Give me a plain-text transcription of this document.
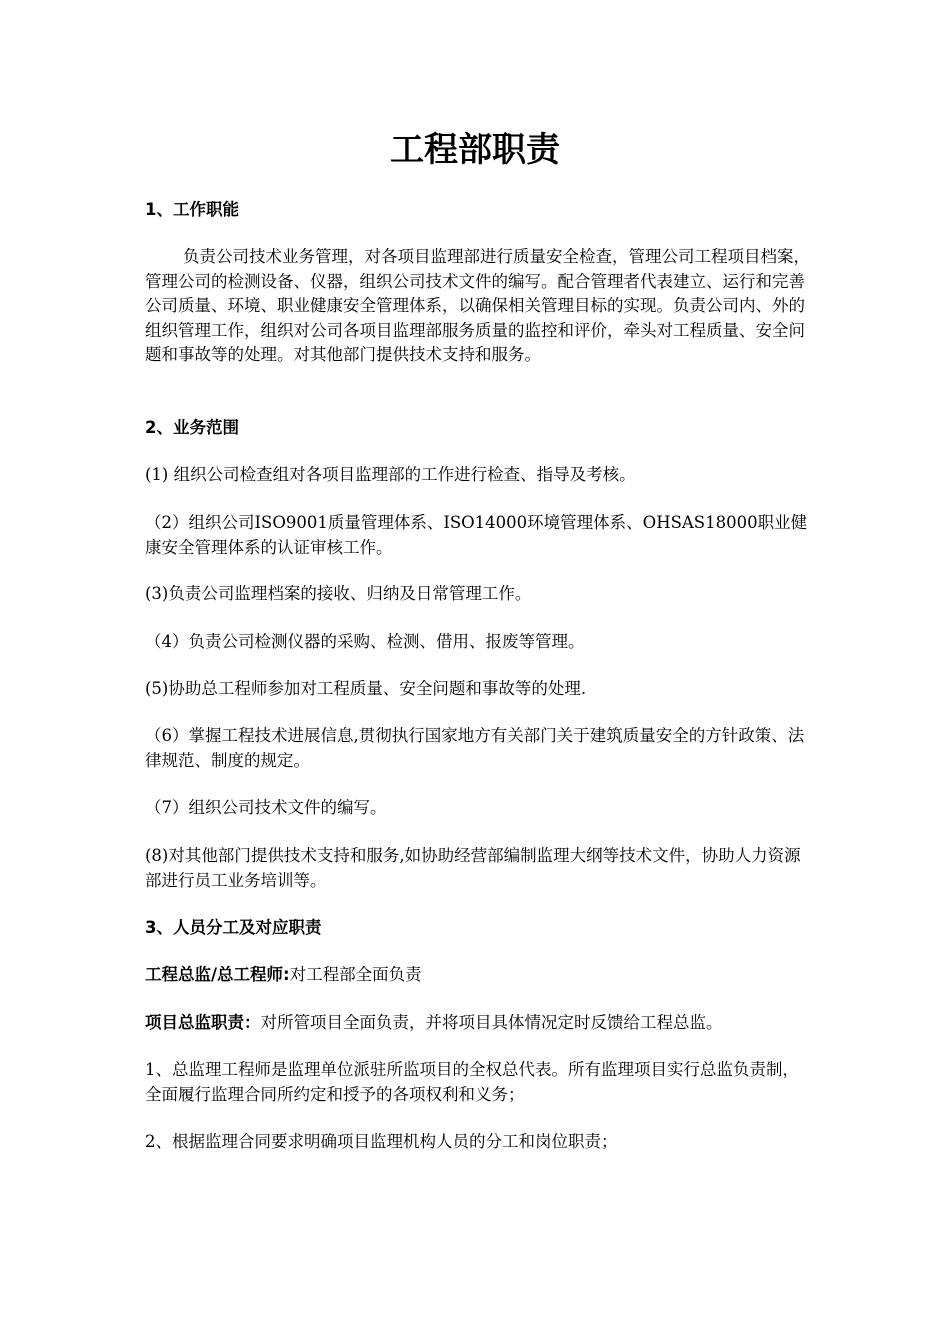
工程部职责
1、工作职能

负责公司技术业务管理，对各项目监理部进行质量安全检查，管理公司工程项目档案，管理公司的检测设备、仪器，组织公司技术文件的编写。配合管理者代表建立、运行和完善公司质量、环境、职业健康安全管理体系，以确保相关管理目标的实现。负责公司内、外的组织管理工作，组织对公司各项目监理部服务质量的监控和评价，牵头对工程质量、安全问题和事故等的处理。对其他部门提供技术支持和服务。

2、业务范围

(1) 组织公司检查组对各项目监理部的工作进行检查、指导及考核。

（2）组织公司ISO9001质量管理体系、ISO14000环境管理体系、OHSAS18000职业健康安全管理体系的认证审核工作。

(3)负责公司监理档案的接收、归纳及日常管理工作。

（4）负责公司检测仪器的采购、检测、借用、报废等管理。

(5)协助总工程师参加对工程质量、安全问题和事故等的处理.

（6）掌握工程技术进展信息,贯彻执行国家地方有关部门关于建筑质量安全的方针政策、法律规范、制度的规定。

（7）组织公司技术文件的编写。

(8)对其他部门提供技术支持和服务,如协助经营部编制监理大纲等技术文件，协助人力资源部进行员工业务培训等。

3、人员分工及对应职责

工程总监/总工程师:对工程部全面负责

项目总监职责：对所管项目全面负责，并将项目具体情况定时反馈给工程总监。

1、总监理工程师是监理单位派驻所监项目的全权总代表。所有监理项目实行总监负责制，全面履行监理合同所约定和授予的各项权利和义务；

2、根据监理合同要求明确项目监理机构人员的分工和岗位职责；
